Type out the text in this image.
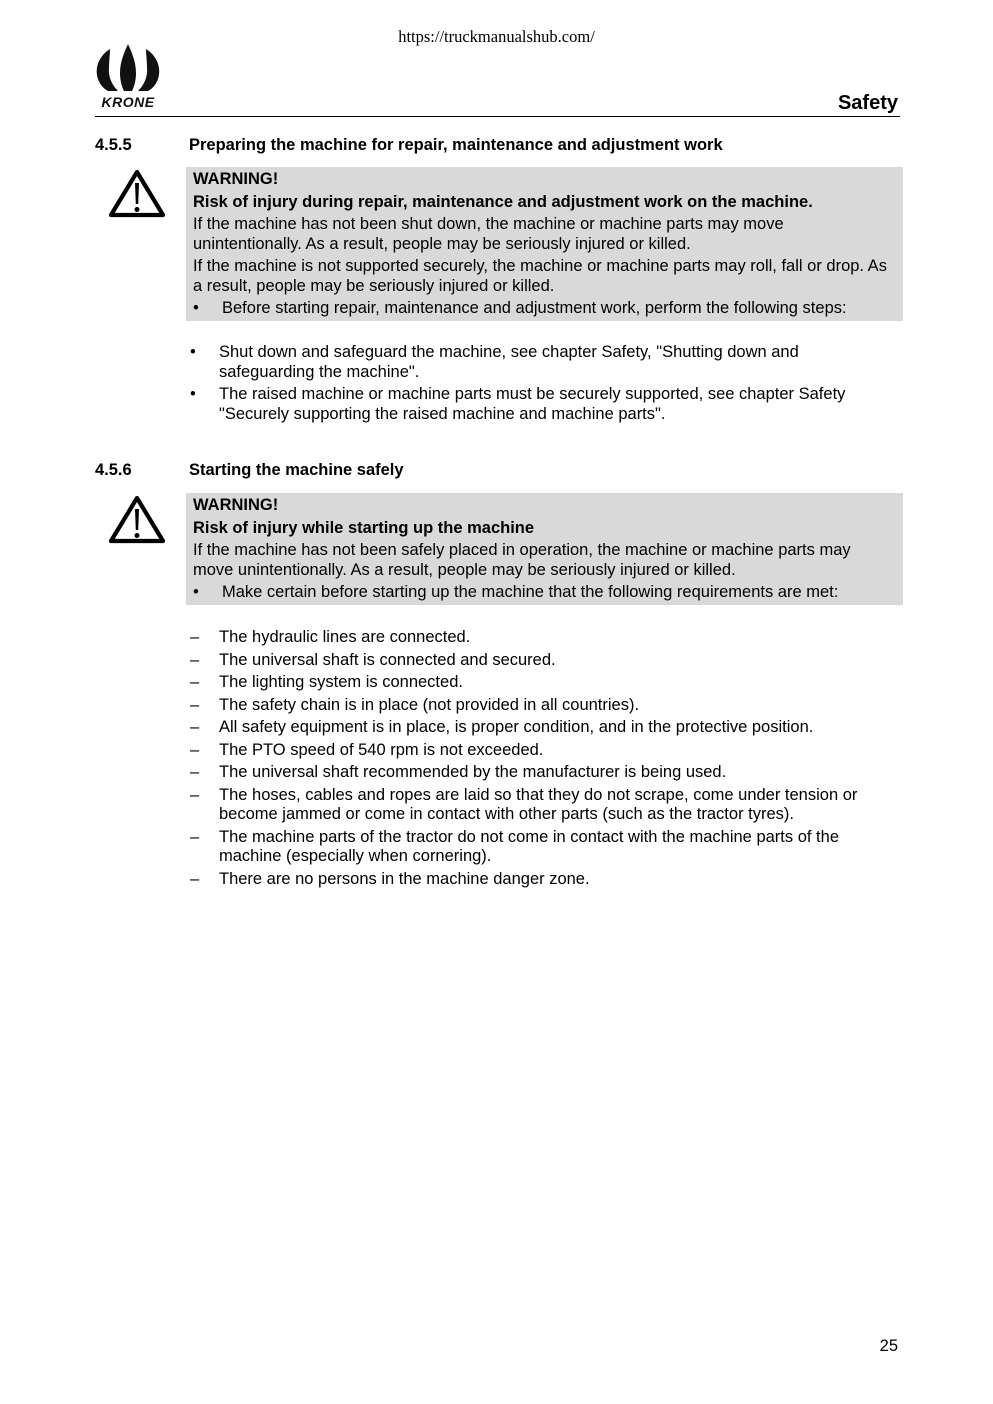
https://truckmanualshub.com/
KRONE	Safety
4.5.5	Preparing the machine for repair, maintenance and adjustment work
WARNING!
Risk of injury during repair, maintenance and adjustment work on the machine.
If the machine has not been shut down, the machine or machine parts may move
unintentionally. As a result, people may be seriously injured or killed.
If the machine is not supported securely, the machine or machine parts may roll, fall or drop. As
a result, people may be seriously injured or killed.
• Before starting repair, maintenance and adjustment work, perform the following steps:
• Shut down and safeguard the machine, see chapter Safety, "Shutting down and
safeguarding the machine".
• The raised machine or machine parts must be securely supported, see chapter Safety
"Securely supporting the raised machine and machine parts".
4.5.6	Starting the machine safely
WARNING!
Risk of injury while starting up the machine
If the machine has not been safely placed in operation, the machine or machine parts may
move unintentionally. As a result, people may be seriously injured or killed.
• Make certain before starting up the machine that the following requirements are met:
– The hydraulic lines are connected.
– The universal shaft is connected and secured.
– The lighting system is connected.
– The safety chain is in place (not provided in all countries).
– All safety equipment is in place, is proper condition, and in the protective position.
– The PTO speed of 540 rpm is not exceeded.
– The universal shaft recommended by the manufacturer is being used.
– The hoses, cables and ropes are laid so that they do not scrape, come under tension or
become jammed or come in contact with other parts (such as the tractor tyres).
– The machine parts of the tractor do not come in contact with the machine parts of the
machine (especially when cornering).
– There are no persons in the machine danger zone.
25
